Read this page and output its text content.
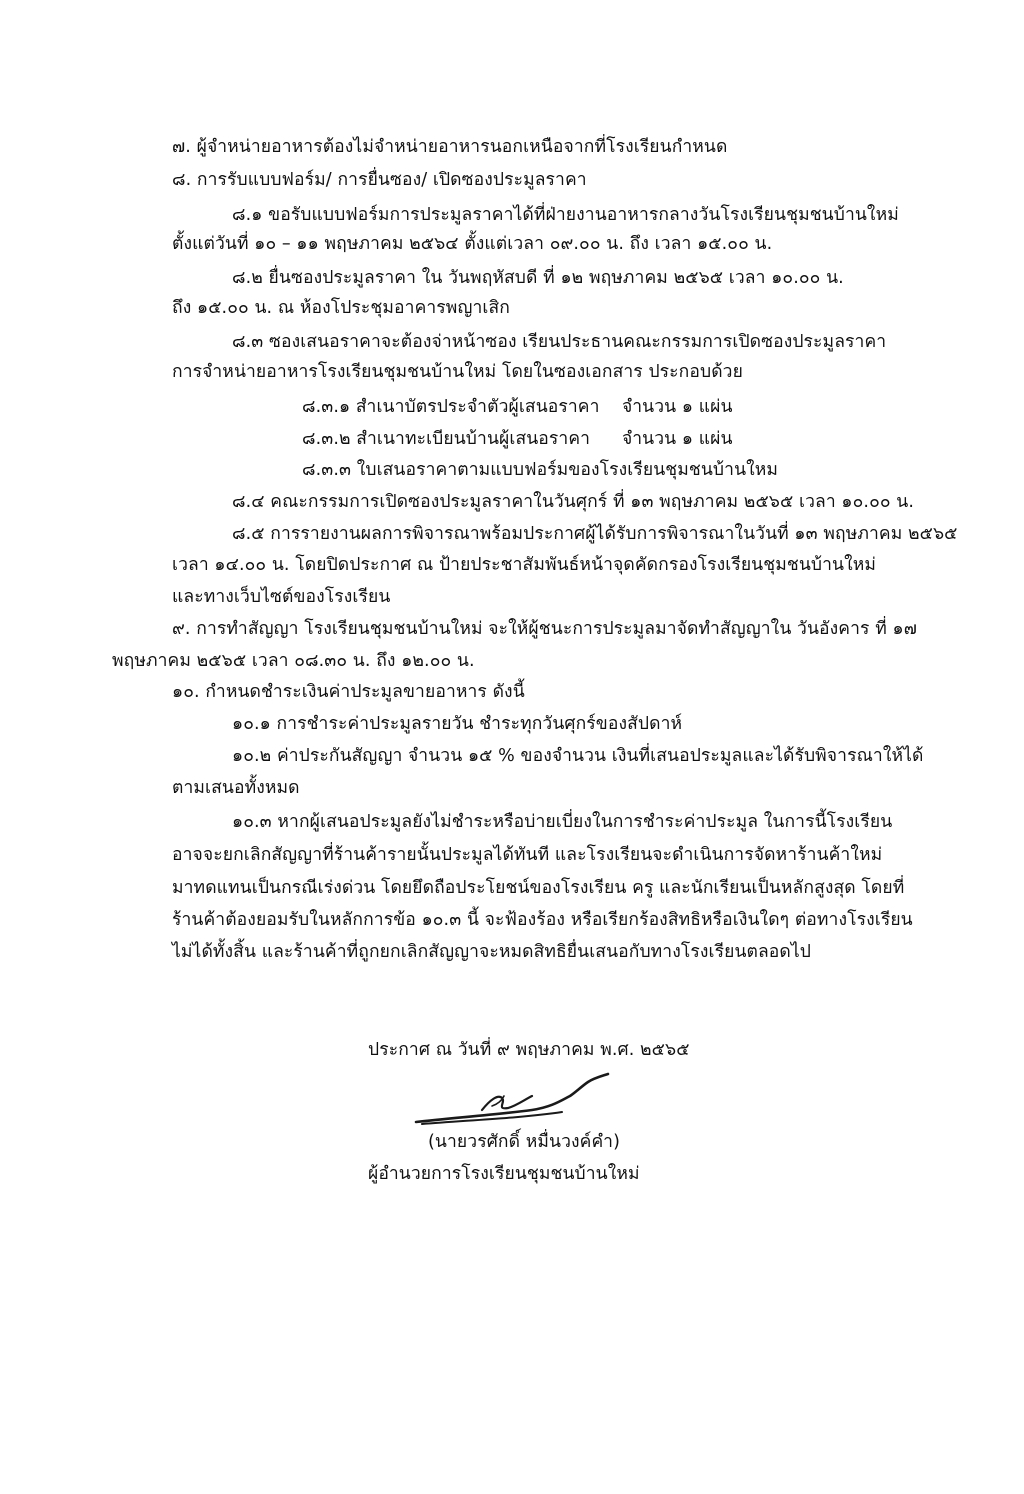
๗. ผู้จำหน่ายอาหารต้องไม่จำหน่ายอาหารนอกเหนือจากที่โรงเรียนกำหนด

๘. การรับแบบฟอร์ม/ การยื่นซอง/ เปิดซองประมูลราคา

๘.๑ ขอรับแบบฟอร์มการประมูลราคาได้ที่ฝ่ายงานอาหารกลางวันโรงเรียนชุมชนบ้านใหม่

ตั้งแต่วันที่ ๑๐ – ๑๑ พฤษภาคม ๒๕๖๔ ตั้งแต่เวลา ๐๙.๐๐ น. ถึง เวลา ๑๕.๐๐ น.

๘.๒ ยื่นซองประมูลราคา ใน วันพฤหัสบดี ที่ ๑๒ พฤษภาคม ๒๕๖๕ เวลา ๑๐.๐๐ น.

ถึง ๑๕.๐๐ น. ณ ห้องโประชุมอาคารพญาเสิก

๘.๓ ซองเสนอราคาจะต้องจ่าหน้าซอง เรียนประธานคณะกรรมการเปิดซองประมูลราคา

การจำหน่ายอาหารโรงเรียนชุมชนบ้านใหม่ โดยในซองเอกสาร ประกอบด้วย

๘.๓.๑ สำเนาบัตรประจำตัวผู้เสนอราคา จำนวน ๑ แผ่น

๘.๓.๒ สำเนาทะเบียนบ้านผู้เสนอราคา จำนวน ๑ แผ่น

๘.๓.๓ ใบเสนอราคาตามแบบฟอร์มของโรงเรียนชุมชนบ้านใหม

๘.๔ คณะกรรมการเปิดซองประมูลราคาในวันศุกร์ ที่ ๑๓ พฤษภาคม ๒๕๖๕ เวลา ๑๐.๐๐ น.

๘.๕ การรายงานผลการพิจารณาพร้อมประกาศผู้ได้รับการพิจารณาในวันที่ ๑๓ พฤษภาคม ๒๕๖๕

เวลา ๑๔.๐๐ น. โดยปิดประกาศ ณ ป้ายประชาสัมพันธ์หน้าจุดคัดกรองโรงเรียนชุมชนบ้านใหม่

และทางเว็บไซต์ของโรงเรียน

๙. การทำสัญญา โรงเรียนชุมชนบ้านใหม่ จะให้ผู้ชนะการประมูลมาจัดทำสัญญาใน วันอังคาร ที่ ๑๗

พฤษภาคม ๒๕๖๕ เวลา ๐๘.๓๐ น. ถึง ๑๒.๐๐ น.

๑๐. กำหนดชำระเงินค่าประมูลขายอาหาร ดังนี้

๑๐.๑ การชำระค่าประมูลรายวัน ชำระทุกวันศุกร์ของสัปดาห์

๑๐.๒ ค่าประกันสัญญา จำนวน ๑๕ % ของจำนวน เงินที่เสนอประมูลและได้รับพิจารณาให้ได้

ตามเสนอทั้งหมด

๑๐.๓ หากผู้เสนอประมูลยังไม่ชำระหรือบ่ายเบี่ยงในการชำระค่าประมูล ในการนี้โรงเรียน

อาจจะยกเลิกสัญญาที่ร้านค้ารายนั้นประมูลได้ทันที และโรงเรียนจะดำเนินการจัดหาร้านค้าใหม่

มาทดแทนเป็นกรณีเร่งด่วน โดยยึดถือประโยชน์ของโรงเรียน ครู และนักเรียนเป็นหลักสูงสุด โดยที่

ร้านค้าต้องยอมรับในหลักการข้อ ๑๐.๓ นี้ จะฟ้องร้อง หรือเรียกร้องสิทธิหรือเงินใดๆ ต่อทางโรงเรียน

ไม่ได้ทั้งสิ้น และร้านค้าที่ถูกยกเลิกสัญญาจะหมดสิทธิยื่นเสนอกับทางโรงเรียนตลอดไป

ประกาศ ณ วันที่ ๙ พฤษภาคม พ.ศ. ๒๕๖๕

(นายวรศักดิ์ หมื่นวงค์คำ)

ผู้อำนวยการโรงเรียนชุมชนบ้านใหม่
